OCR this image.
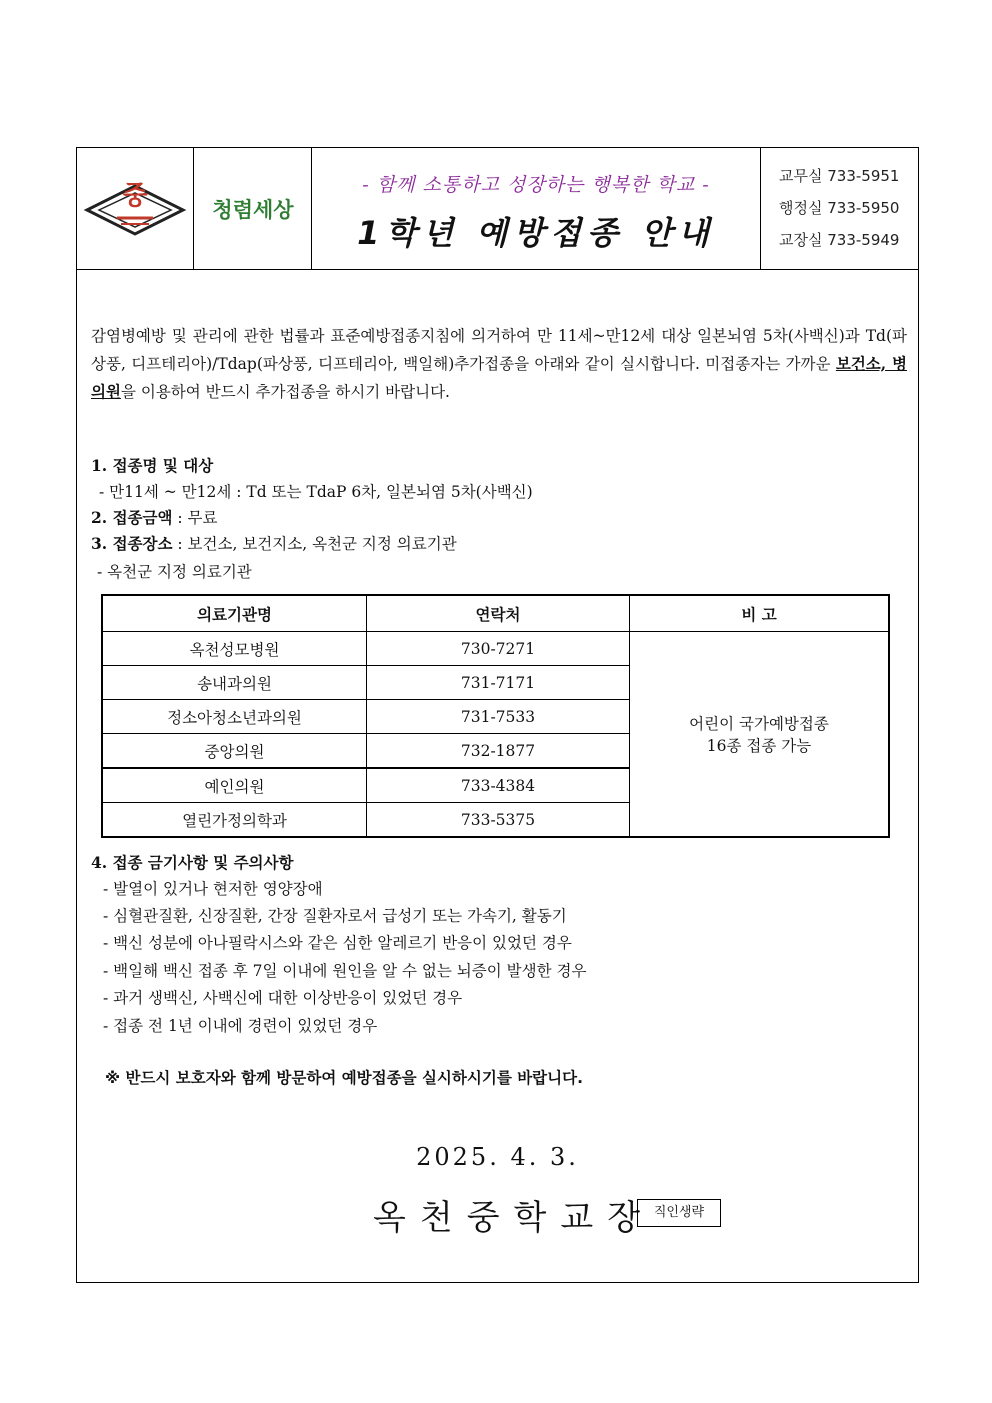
중	청렴세상
- 함께 소통하고 성장하는 행복한 학교 -
1학년 예방접종 안내
교무실 733-5951
행정실 733-5950
교장실 733-5949
감염병예방 및 관리에 관한 법률과 표준예방접종지침에 의거하여 만 11세~만12세 대상 일본뇌염 5차(사백신)과 Td(파상풍, 디프테리아)/Tdap(파상풍, 디프테리아, 백일해)추가접종을 아래와 같이 실시합니다. 미접종자는 가까운 보건소, 병의원을 이용하여 반드시 추가접종을 하시기 바랍니다.
1. 접종명 및 대상
- 만11세 ~ 만12세 : Td 또는 TdaP 6차, 일본뇌염 5차(사백신)
2. 접종금액 : 무료
3. 접종장소 : 보건소, 보건지소, 옥천군 지정 의료기관
- 옥천군 지정 의료기관
의료기관명	연락처	비 고
옥천성모병원	730-7271	어린이 국가예방접종
16종 접종 가능
송내과의원	731-7171	
정소아청소년과의원	731-7533	
중앙의원	732-1877	
예인의원	733-4384	
열린가정의학과	733-5375	
4. 접종 금기사항 및 주의사항
- 발열이 있거나 현저한 영양장애
- 심혈관질환, 신장질환, 간장 질환자로서 급성기 또는 가속기, 활동기
- 백신 성분에 아나필락시스와 같은 심한 알레르기 반응이 있었던 경우
- 백일해 백신 접종 후 7일 이내에 원인을 알 수 없는 뇌증이 발생한 경우
- 과거 생백신, 사백신에 대한 이상반응이 있었던 경우
- 접종 전 1년 이내에 경련이 있었던 경우
※ 반드시 보호자와 함께 방문하여 예방접종을 실시하시기를 바랍니다.
2025. 4. 3.
옥천중학교장 직인생략
